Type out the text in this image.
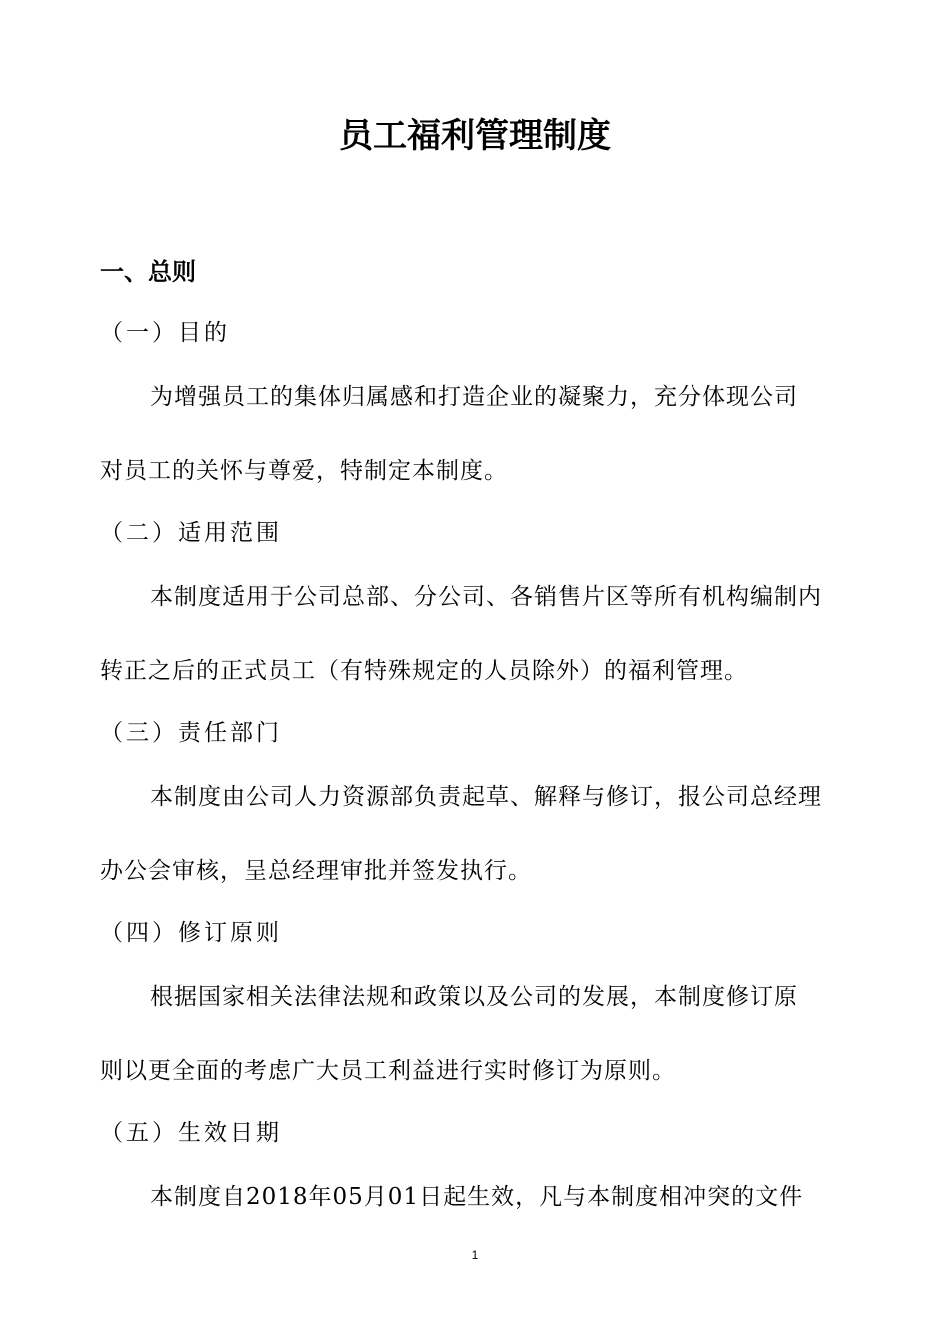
员工福利管理制度
一、总则
（一）目的
为增强员工的集体归属感和打造企业的凝聚力，充分体现公司
对员工的关怀与尊爱，特制定本制度。
（二）适用范围
本制度适用于公司总部、分公司、各销售片区等所有机构编制内
转正之后的正式员工（有特殊规定的人员除外）的福利管理。
（三）责任部门
本制度由公司人力资源部负责起草、解释与修订，报公司总经理
办公会审核，呈总经理审批并签发执行。
（四）修订原则
根据国家相关法律法规和政策以及公司的发展，本制度修订原
则以更全面的考虑广大员工利益进行实时修订为原则。
（五）生效日期
本制度自2018年05月01日起生效，凡与本制度相冲突的文件
1
